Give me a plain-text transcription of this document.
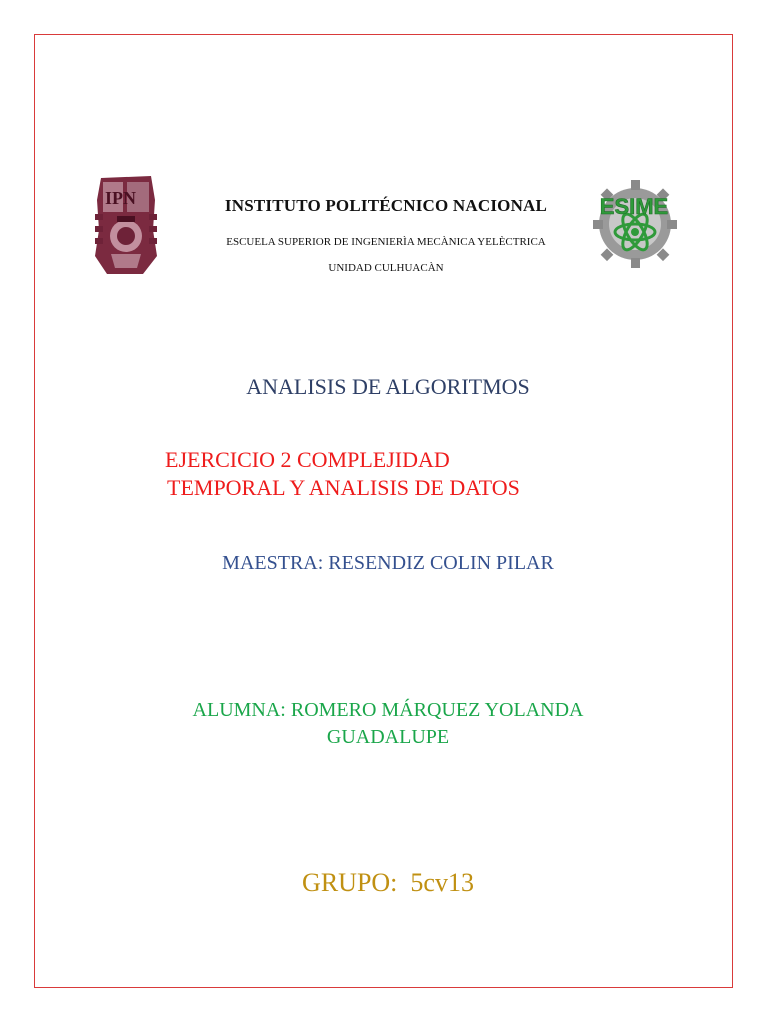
IPN	INSTITUTO POLITÉCNICO NACIONAL
ESCUELA SUPERIOR DE INGENIERÌA MECÀNICA YELÈCTRICA
UNIDAD CULHUACÀN
ESIME
ANALISIS DE ALGORITMOS
EJERCICIO 2 COMPLEJIDAD
TEMPORAL Y ANALISIS DE DATOS
MAESTRA: RESENDIZ COLIN PILAR
ALUMNA: ROMERO MÁRQUEZ YOLANDA
GUADALUPE
GRUPO:  5cv13
